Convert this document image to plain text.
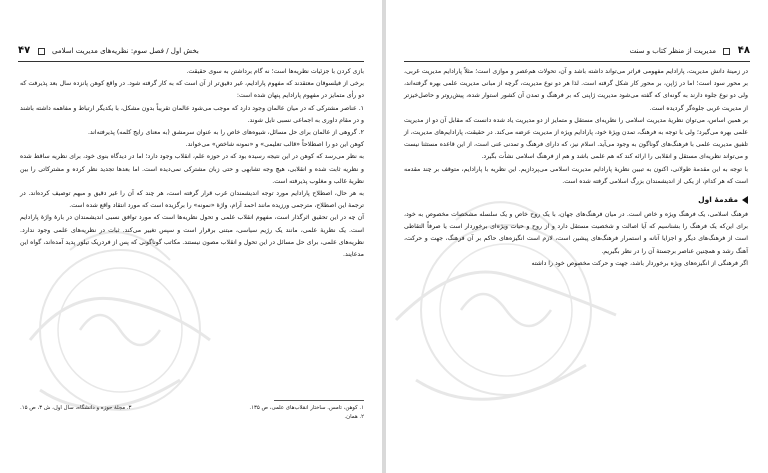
۴۷	بخش اول / فصل سوم: نظریه‌های مدیریت اسلامی

بازی کردن با جزئیات نظریه‌ها است؛ نه گام برداشتن به سوی حقیقت.

برخی از فیلسوفان معتقدند که مفهوم پارادایم، غیر دقیق‌تر از آن است که به کار گرفته شود. در واقع کوهن پانزده سال بعد پذیرفت که دو رأی متمایز در مفهوم پارادایم پنهان شده است:

۱. عناصر مشترکی که در میان عالمان وجود دارد که موجب می‌شود عالمان تقریباً بدون مشکل، با یکدیگر ارتباط و مفاهمه داشته باشند و در مقام داوری به اجماعی نسبی نایل شوند.

۲. گروهی از عالمان برای حل مسائل، شیوه‌های خاص را به عنوان سرمشق (به معنای رایج کلمه) پذیرفته‌اند.

کوهن این دو را اصطلاحاً «قالب تعلیمی» و «نمونه شاخص» می‌خواند.

به نظر می‌رسد که کوهن در این نتیجه رسیده بود که در حوزه علم، انقلاب وجود دارد؛ اما در دیدگاه بنوی خود، برای نظریه ساقط شده و نظریه ثابت شده و انقلابی، هیچ وجه تشابهی و حتی زبان مشترکی نمی‌دیده است. اما بعدها تجدید نظر کرده و مشترکاتی را بین نظریهٔ غالب و مغلوب پذیرفته است.

به هر حال، اصطلاح پارادایم مورد توجه اندیشمندان غرب قرار گرفته است، هر چند که آن را غیر دقیق و مبهم توصیف کرده‌اند. در ترجمهٔ این اصطلاح، مترجمی ورزیده مانند احمد آرام، واژهٔ «نمونه» را برگزیده است که مورد انتقاد واقع شده است.

آن چه در این تحقیق اثرگذار است، مفهوم انقلاب علمی و تحول نظریه‌ها است که مورد توافق نسبی اندیشمندان در بارهٔ واژهٔ پارادایم است. یک نظریهٔ علمی، مانند یک رژیم سیاسی، مبتنی برقرار است و سپس تغییر می‌کند. ثبات در نظریه‌های علمی وجود ندارد. نظریه‌های علمی، برای حل مسائل در این تحول و انقلاب مصون نیستند. مکاتب گوناگونی که پس از فردریک تیلور پدید آمده‌اند، گواه این مدعایند.

۱. کوهن، تامس. ساختار انقلاب‌های علمی، ص ۱۳۵.
۳. مجلهٔ حوزه و دانشگاه، سال اول، ش ۳، ص ۱۵.
۲. همان.
۴۸
مدیریت از منظر کتاب و سنت

در زمینهٔ دانش مدیریت، پارادایم مفهومی فراتر می‌تواند داشته باشد و آن، تحولات هم‌عصر و موازی است؛ مثلاً پارادایم مدیریت غربی، بر محور سود است؛ اما در ژاپن، بر محور کار شکل گرفته است. لذا هر دو نوع مدیریت، گرچه از مبانی مدیریت علمی بهره گرفته‌اند، ولی دو نوع جلوه دارند به گونه‌ای که گفته می‌شود مدیریت ژاپنی که بر فرهنگ و تمدن آن کشور استوار شده، پیش‌روتر و حاصل‌خیزتر از مدیریت غربی جلوه‌گر گردیده است.

بر همین اساس، می‌توان نظریهٔ مدیریت اسلامی را نظریه‌ای مستقل و متمایز از دو مدیریت یاد شده دانست که مقابل آن دو از مدیریت علمی بهره می‌گیرد؛ ولی با توجه به فرهنگ، تمدن ویژهٔ خود، پارادایم ویژه از مدیریت عرضه می‌کند. در حقیقت، پارادایم‌های مدیریت، از تلفیق مدیریت علمی با فرهنگ‌های گوناگون به وجود می‌آید. اسلام نیز، که دارای فرهنگ و تمدنی غنی است، از این قاعده مستثنا نیست و می‌تواند نظریه‌ای مستقل و انقلابی را ارائه کند که هم علمی باشد و هم از فرهنگ اسلامی نشأت بگیرد.

با توجه به این مقدمهٔ طولانی، اکنون به تبیین نظریهٔ پارادایم مدیریت اسلامی می‌پردازیم. این نظریه با پارادایم، متوقف بر چند مقدمه است که هر کدام، از یکی از اندیشمندان بزرگ اسلامی گرفته شده است.

مقدمهٔ اول

فرهنگ اسلامی، یک فرهنگ ویژه و خاص است. در میان فرهنگ‌های جهان، با یک روح خاص و یک سلسله مشخصات مخصوص به خود، برای این‌که یک فرهنگ را بشناسیم که آیا اصالت و شخصیت مستقل دارد و از روح و حیات ویژه‌ای برخوردار است یا صرفاً التقاطی است از فرهنگ‌های دیگر و اجزایا آنانه و استمرار فرهنگ‌های پیشین است، لازم است انگیزه‌های حاکم بر آن فرهنگ، جهت و حرکت، آهنگ رشد و همچنین عناصر برجستهٔ آن را در نظر بگیریم.

اگر فرهنگی از انگیزه‌های ویژه برخوردار باشد، جهت و حرکت مخصوص خود را داشته
